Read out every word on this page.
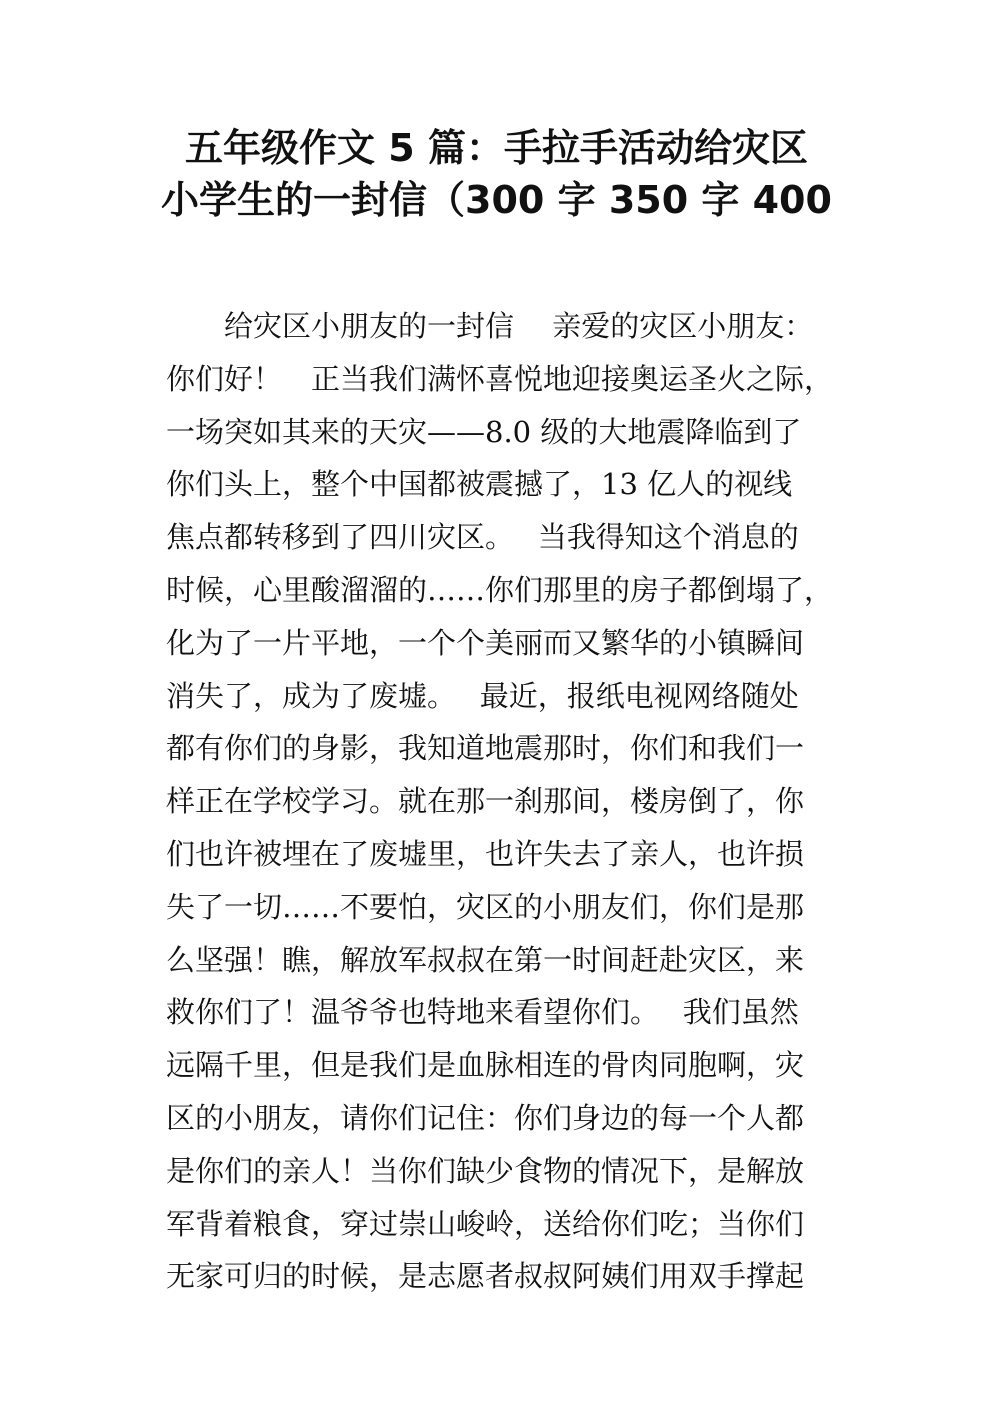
五年级作文 5 篇：手拉手活动给灾区
小学生的一封信（300 字 350 字 400
　　给灾区小朋友的一封信　 亲爱的灾区小朋友：
你们好！　正当我们满怀喜悦地迎接奥运圣火之际，
一场突如其来的天灾——8.0 级的大地震降临到了
你们头上，整个中国都被震撼了，13 亿人的视线
焦点都转移到了四川灾区。　 当我得知这个消息的
时候，心里酸溜溜的……你们那里的房子都倒塌了，
化为了一片平地，一个个美丽而又繁华的小镇瞬间
消失了，成为了废墟。　 最近，报纸电视网络随处
都有你们的身影，我知道地震那时，你们和我们一
样正在学校学习。就在那一刹那间，楼房倒了，你
们也许被埋在了废墟里，也许失去了亲人，也许损
失了一切……不要怕，灾区的小朋友们，你们是那
么坚强！瞧，解放军叔叔在第一时间赶赴灾区，来
救你们了！温爷爷也特地来看望你们。　 我们虽然
远隔千里，但是我们是血脉相连的骨肉同胞啊，灾
区的小朋友，请你们记住：你们身边的每一个人都
是你们的亲人！当你们缺少食物的情况下，是解放
军背着粮食，穿过崇山峻岭，送给你们吃；当你们
无家可归的时候，是志愿者叔叔阿姨们用双手撑起
